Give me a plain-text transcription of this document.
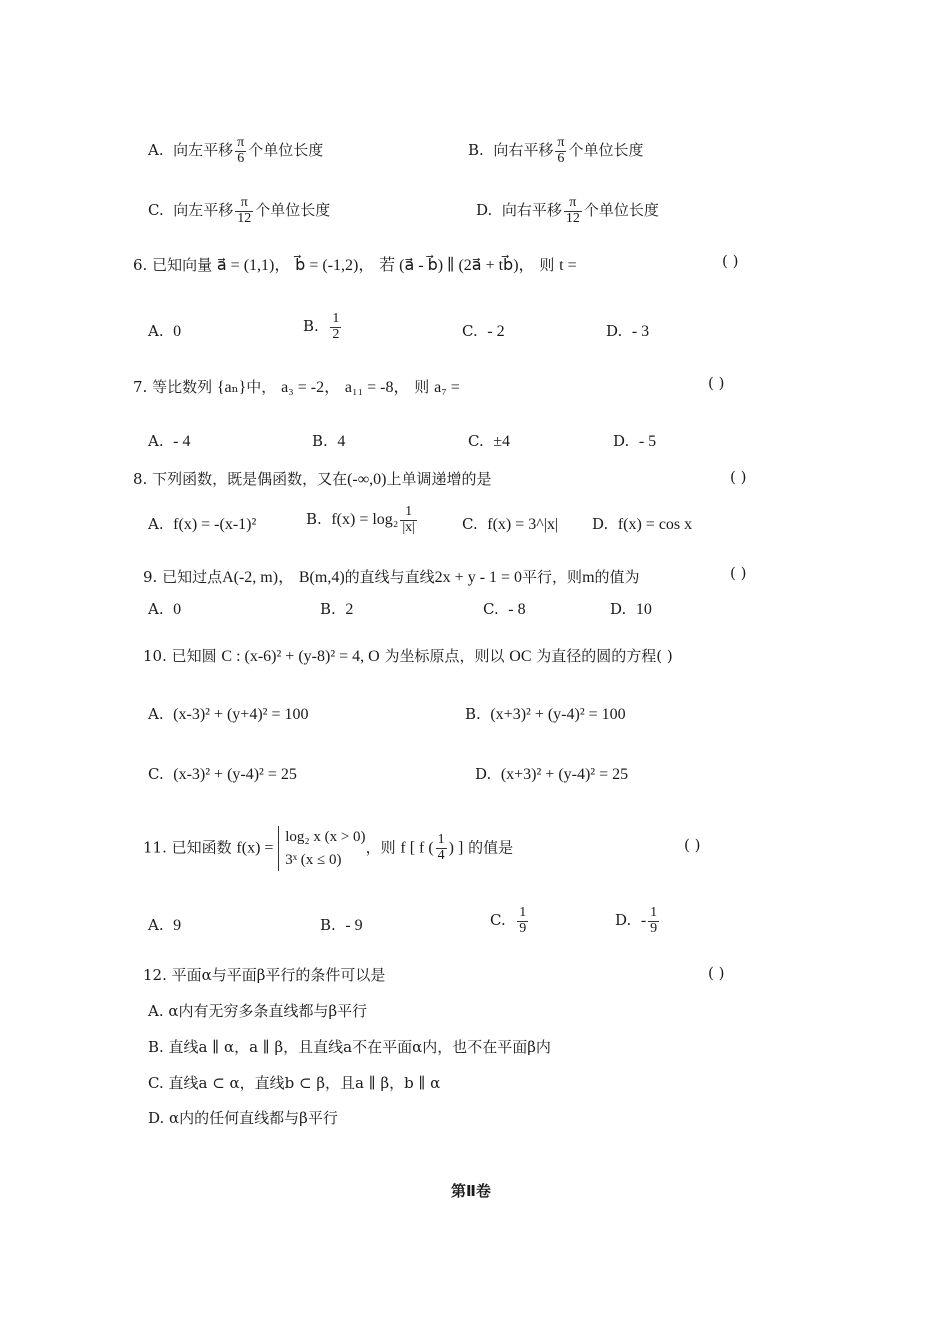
A. 向左平移 $\frac{\pi}{6}$ 个单位长度	B. 向右平移 $\frac{\pi}{6}$ 个单位长度
C. 向左平移 $\frac{\pi}{12}$ 个单位长度	D. 向右平移 $\frac{\pi}{12}$ 个单位长度
6. 已知向量 a⃗ = (1,1)， b⃗ = (-1,2)， 若 (a⃗ - b⃗) ∥ (2a⃗ + tb⃗)， 则 t =	( )
A. 0	B. $\frac{1}{2}$	C. - 2	D. - 3
7. 等比数列 {aₙ}中， a₃ = -2， a₁₁ = -8， 则 a₇ =	( )
A. - 4	B. 4	C. ±4	D. - 5
8. 下列函数，既是偶函数，又在(-∞,0)上单调递增的是	( )
A. f(x) = -(x-1)²	B. $f(x) = \log_2 \frac{1}{|x|}$	C. f(x) = 3^|x| D. f(x) = cos x
9. 已知过点A(-2, m)， B(m,4)的直线与直线2x + y - 1 = 0平行，则m的值为	( )
A. 0	B. 2	C. - 8	D. 10
10. 已知圆 C : (x-6)² + (y-8)² = 4, O 为坐标原点，则以 OC 为直径的圆的方程( )
A. (x-3)² + (y+4)² = 100	B. (x+3)² + (y-4)² = 100
C. (x-3)² + (y-4)² = 25	D. (x+3)² + (y-4)² = 25
11. 已知函数 f(x) =
log₂ x (x > 0)
3ˣ (x ≤ 0)
，则 f [ f ( $\frac{1}{4}$ ) ] 的值是	( )
A. 9	B. - 9	C. $\frac{1}{9}$	D. - $\frac{1}{9}$
12. 平面α与平面β平行的条件可以是	( )
A. α内有无穷多条直线都与β平行
B. 直线a ∥ α，a ∥ β，且直线a不在平面α内，也不在平面β内
C. 直线a ⊂ α，直线b ⊂ β，且a ∥ β，b ∥ α
D. α内的任何直线都与β平行
第Ⅱ卷
